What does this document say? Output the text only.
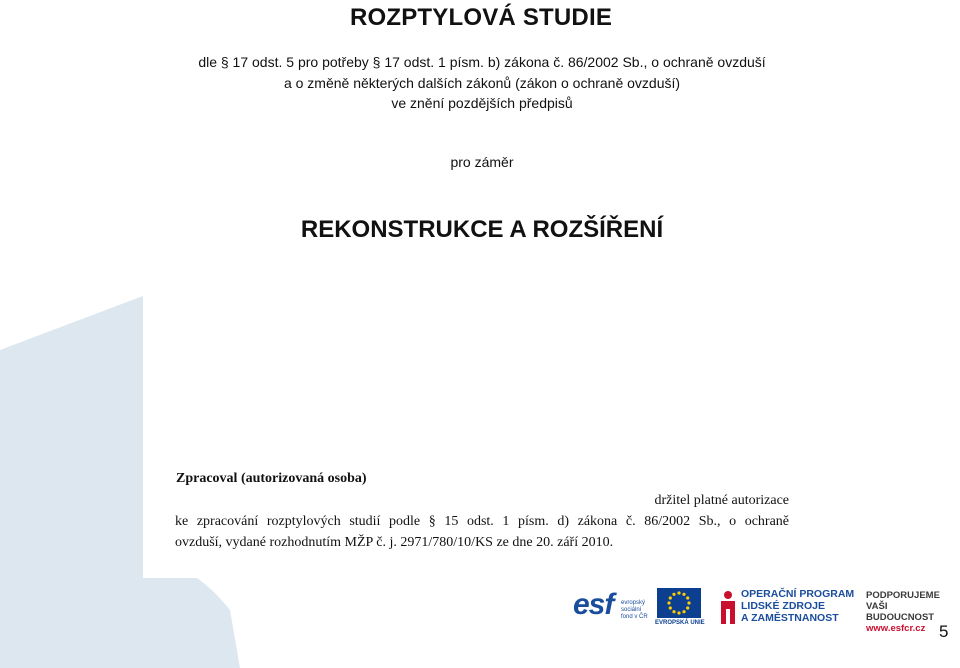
ROZPTYLOVÁ STUDIE
dle § 17 odst. 5 pro potřeby § 17 odst. 1 písm. b) zákona č. 86/2002 Sb., o ochraně ovzduší
a o změně některých dalších zákonů (zákon o ochraně ovzduší)
ve znění pozdějších předpisů
pro záměr
REKONSTRUKCE A ROZŠÍŘENÍ
Zpracoval (autorizovaná osoba)
držitel platné autorizace
ke zpracování rozptylových studií podle § 15 odst. 1 písm. d) zákona č. 86/2002 Sb., o ochraně
ovzduší, vydané rozhodnutím MŽP č. j. 2971/780/10/KS ze dne 20. září 2010.
esf evropský
sociální
fond v ČR
EVROPSKÁ UNIE
OPERAČNÍ PROGRAM
LIDSKÉ ZDROJE
A ZAMĚSTNANOST
PODPORUJEME
VAŠI BUDOUCNOST
www.esfcr.cz 5
